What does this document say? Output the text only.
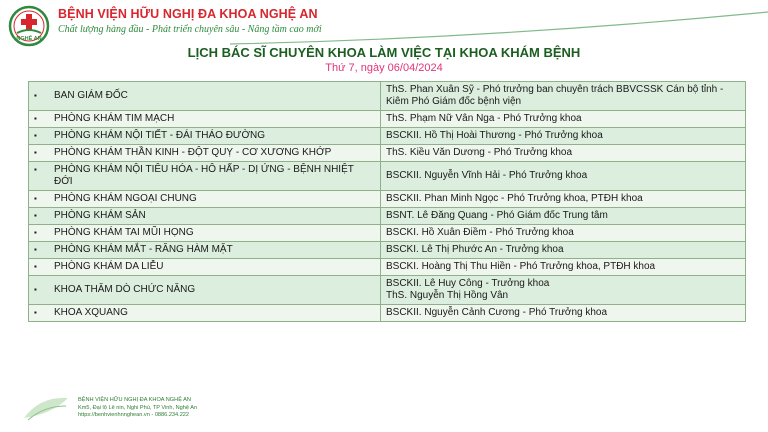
NGHỆ AN
BỆNH VIỆN HỮU NGHỊ ĐA KHOA NGHỆ AN
Chất lượng hàng đầu - Phát triển chuyên sâu - Nâng tầm cao mới
LỊCH BÁC SĨ CHUYÊN KHOA LÀM VIỆC TẠI KHOA KHÁM BỆNH
Thứ 7, ngày 06/04/2024
▪ BAN GIÁM ĐỐC	ThS. Phan Xuân Sỹ - Phó trưởng ban chuyên trách BBVCSSK Cán bộ tỉnh - Kiêm Phó Giám đốc bệnh viện

▪ PHÒNG KHÁM TIM MẠCH	ThS. Phạm Nữ Vân Nga - Phó Trưởng khoa

▪ PHÒNG KHÁM NỘI TIẾT - ĐÁI THÁO ĐƯỜNG	BSCKII. Hồ Thị Hoài Thương - Phó Trưởng khoa

▪ PHÒNG KHÁM THẦN KINH - ĐỘT QUỴ - CƠ XƯƠNG KHỚP	ThS. Kiều Văn Dương - Phó Trưởng khoa

▪ PHÒNG KHÁM NỘI TIÊU HÓA - HÔ HẤP - DỊ ỨNG - BỆNH NHIỆT ĐỚI	BSCKII. Nguyễn Vĩnh Hải - Phó Trưởng khoa

▪ PHÒNG KHÁM NGOẠI CHUNG	BSCKII. Phan Minh Ngọc - Phó Trưởng khoa, PTĐH khoa

▪ PHÒNG KHÁM SẢN	BSNT. Lê Đăng Quang - Phó Giám đốc Trung tâm

▪ PHÒNG KHÁM TAI MŨI HỌNG	BSCKI. Hồ Xuân Điềm - Phó Trưởng khoa

▪ PHÒNG KHÁM MẮT - RĂNG HÀM MẶT	BSCKI. Lê Thị Phước An - Trưởng khoa

▪ PHÒNG KHÁM DA LIỄU	BSCKI. Hoàng Thị Thu Hiền - Phó Trưởng khoa, PTĐH khoa

▪ KHOA THĂM DÒ CHỨC NĂNG	BSCKII. Lê Huy Công - Trưởng khoa
ThS. Nguyễn Thị Hồng Vân

▪ KHOA XQUANG	BSCKII. Nguyễn Cảnh Cương - Phó Trưởng khoa
BỆNH VIỆN HỮU NGHỊ ĐA KHOA NGHỆ AN
Km5, Đại lộ Lê nin, Nghi Phú, TP Vinh, Nghệ An
https://benhvienhnnghean.vn - 0886.234.222
